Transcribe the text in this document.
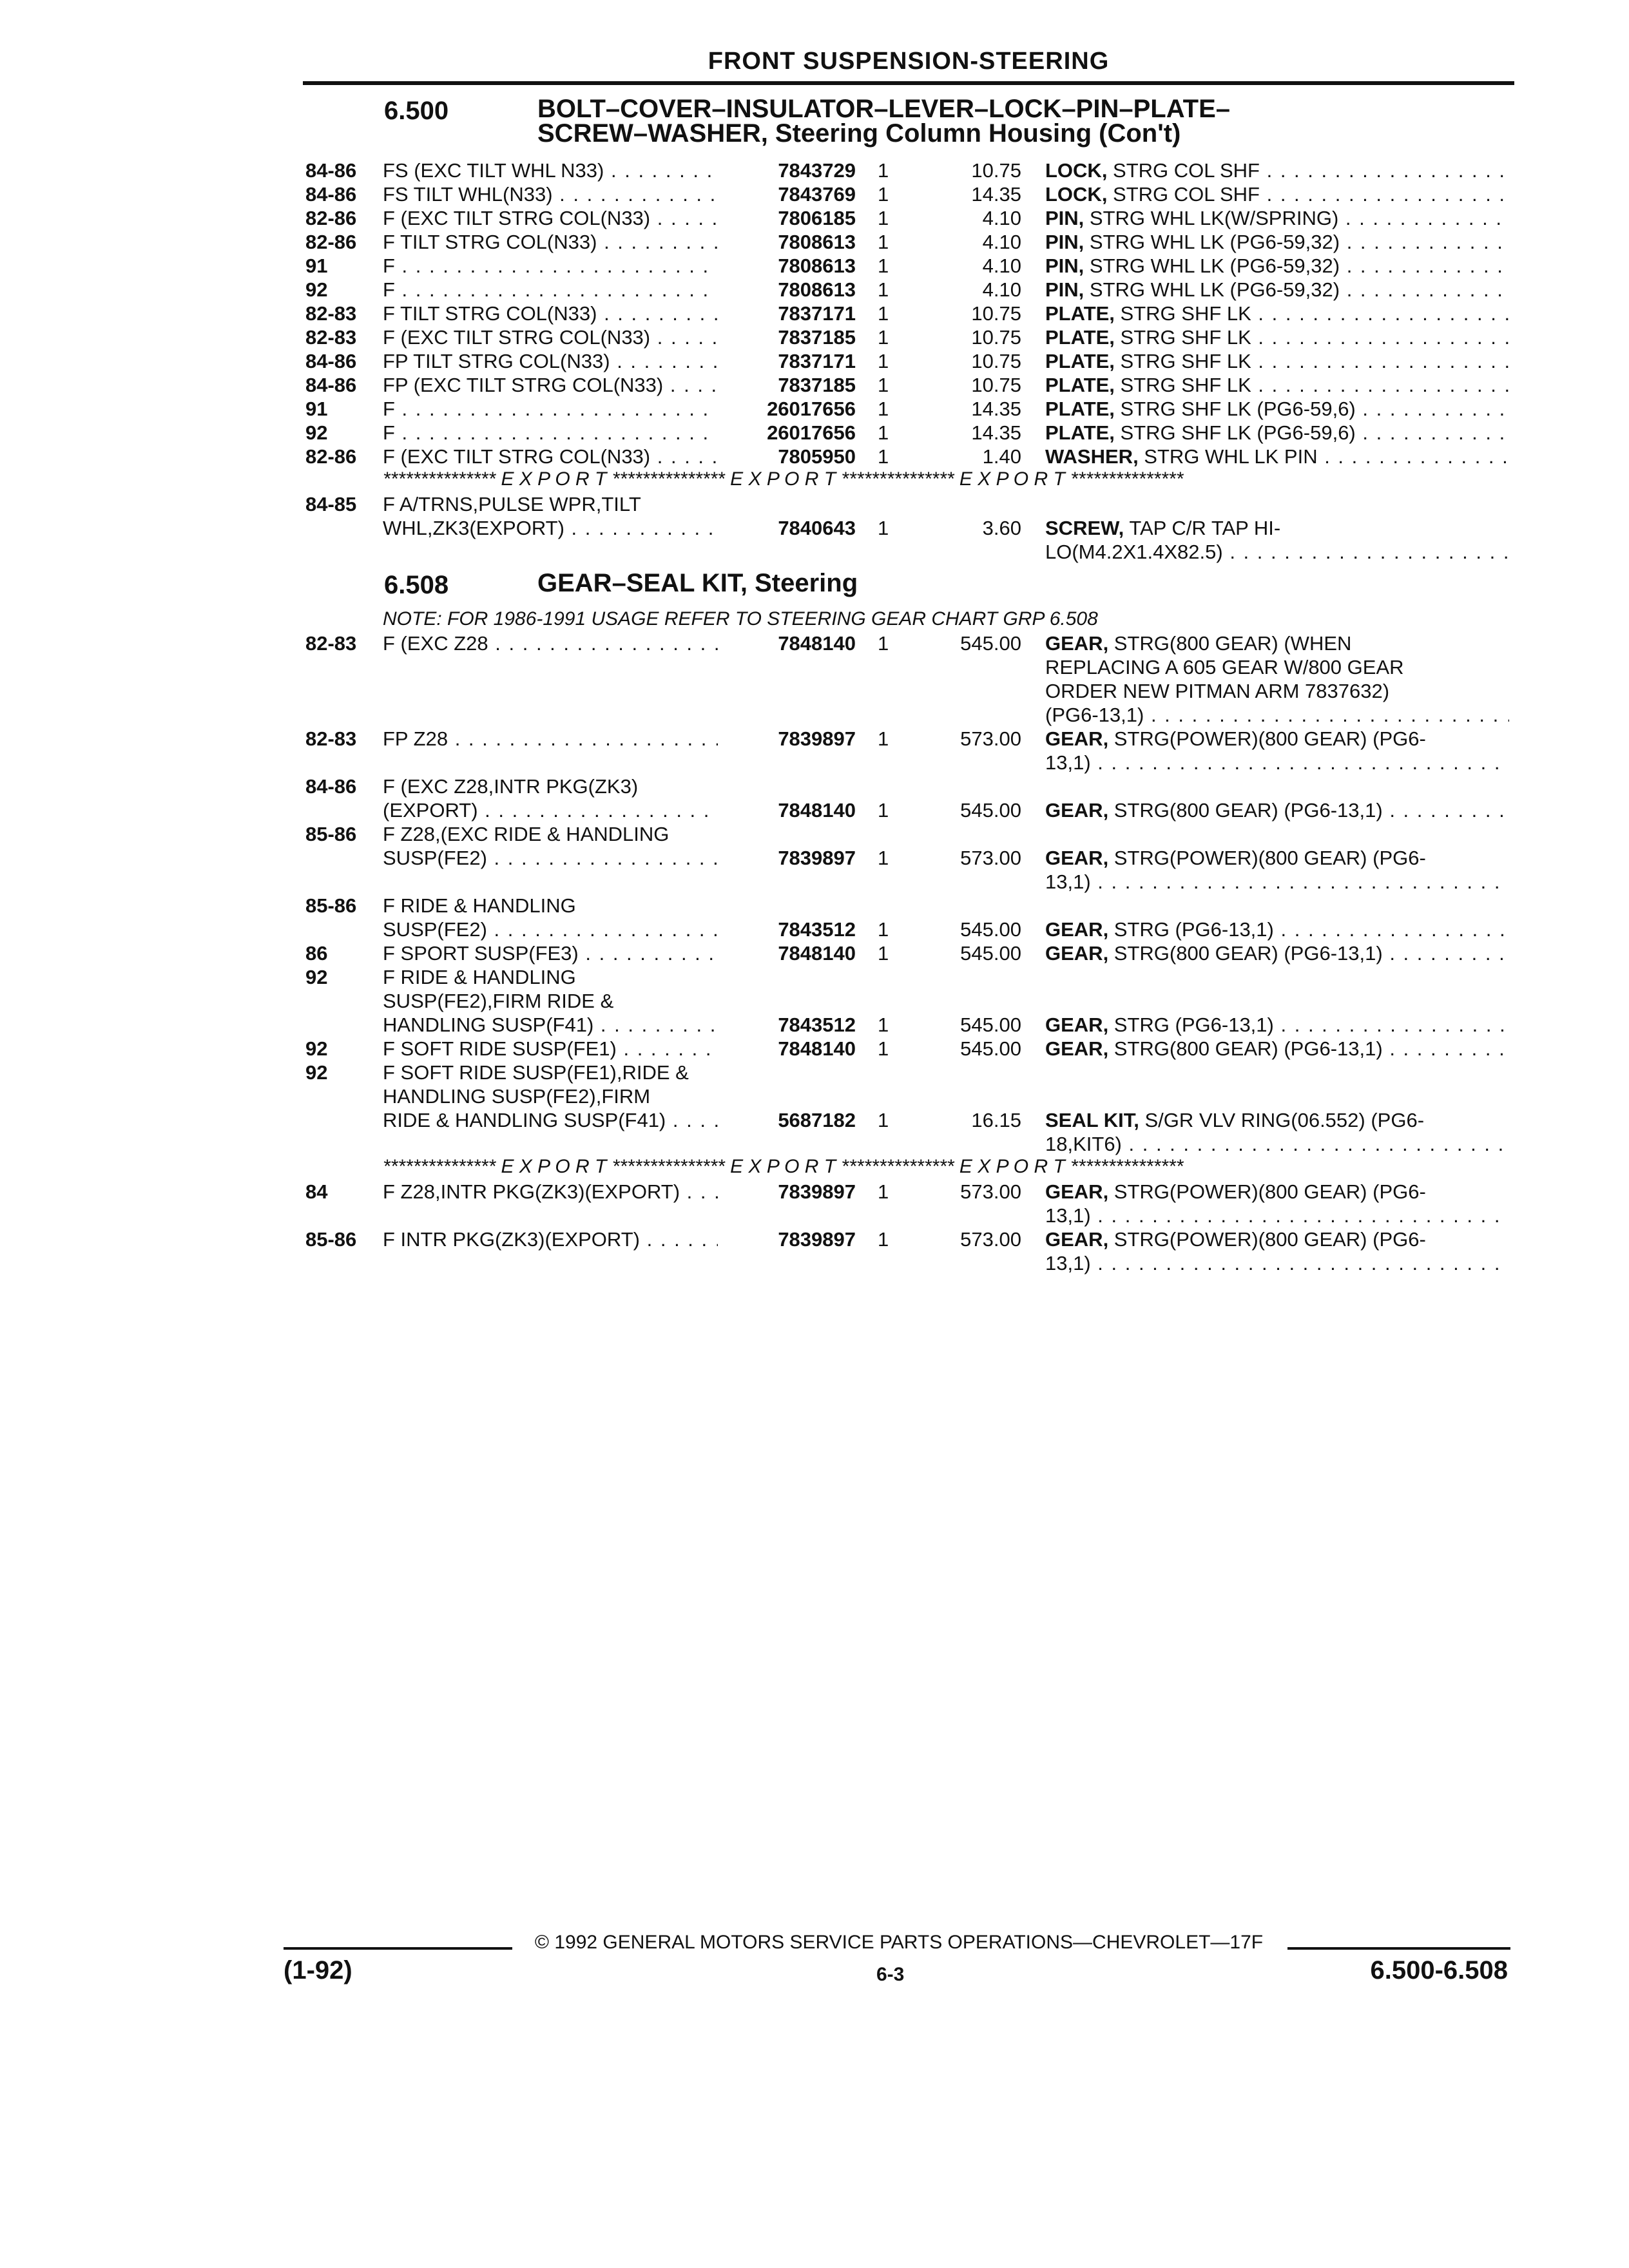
FRONT SUSPENSION-STEERING
6.500	BOLT–COVER–INSULATOR–LEVER–LOCK–PIN–PLATE–
SCREW–WASHER, Steering Column Housing (Con't)
84-86	FS (EXC TILT WHL N33) . . .	7843729 1	10.75 LOCK, STRG COL SHF . . .
84-86	FS TILT WHL(N33) . . .	7843769 1	14.35 LOCK, STRG COL SHF . . .
82-86	F (EXC TILT STRG COL(N33) . . .	7806185 1	4.10 PIN, STRG WHL LK(W/SPRING) . . .
82-86	F TILT STRG COL(N33) . . .	7808613 1	4.10 PIN, STRG WHL LK (PG6-59,32) . . .
91	F . . .	7808613 1	4.10 PIN, STRG WHL LK (PG6-59,32) . . .
92	F . . .	7808613 1	4.10 PIN, STRG WHL LK (PG6-59,32) . . .
82-83	F TILT STRG COL(N33) . . .	7837171 1	10.75 PLATE, STRG SHF LK . . .
82-83	F (EXC TILT STRG COL(N33) . . .	7837185 1	10.75 PLATE, STRG SHF LK . . .
84-86	FP TILT STRG COL(N33) . . .	7837171 1	10.75 PLATE, STRG SHF LK . . .
84-86	FP (EXC TILT STRG COL(N33) . . .	7837185 1	10.75 PLATE, STRG SHF LK . . .
91	F . . .	26017656 1	14.35 PLATE, STRG SHF LK (PG6-59,6) . . .
92	F . . .	26017656 1	14.35 PLATE, STRG SHF LK (PG6-59,6) . . .
82-86	F (EXC TILT STRG COL(N33) . . .	7805950 1	1.40 WASHER, STRG WHL LK PIN . . .
*************** E X P O R T *************** E X P O R T *************** E X P O R T ***************
84-85	F A/TRNS,PULSE WPR,TILT
WHL,ZK3(EXPORT) . . .	7840643 1	3.60 SCREW, TAP C/R TAP HI-
LO(M4.2X1.4X82.5) . . .
6.508	GEAR–SEAL KIT, Steering
NOTE: FOR 1986-1991 USAGE REFER TO STEERING GEAR CHART GRP 6.508
82-83	F (EXC Z28 . . .	7848140 1	545.00 GEAR, STRG(800 GEAR) (WHEN
REPLACING A 605 GEAR W/800 GEAR
ORDER NEW PITMAN ARM 7837632)
(PG6-13,1) . . .
82-83	FP Z28 . . .	7839897 1	573.00 GEAR, STRG(POWER)(800 GEAR) (PG6-
13,1) . . .
84-86	F (EXC Z28,INTR PKG(ZK3)
(EXPORT) . . .	7848140 1	545.00 GEAR, STRG(800 GEAR) (PG6-13,1) . . .
85-86	F Z28,(EXC RIDE & HANDLING
SUSP(FE2) . . .	7839897 1	573.00 GEAR, STRG(POWER)(800 GEAR) (PG6-
13,1) . . .
85-86	F RIDE & HANDLING
SUSP(FE2) . . .	7843512 1	545.00 GEAR, STRG (PG6-13,1) . . .
86	F SPORT SUSP(FE3) . . .	7848140 1	545.00 GEAR, STRG(800 GEAR) (PG6-13,1) . . .
92	F RIDE & HANDLING
SUSP(FE2),FIRM RIDE &
HANDLING SUSP(F41) . . .	7843512 1	545.00 GEAR, STRG (PG6-13,1) . . .
92	F SOFT RIDE SUSP(FE1) . . .	7848140 1	545.00 GEAR, STRG(800 GEAR) (PG6-13,1) . . .
92	F SOFT RIDE SUSP(FE1),RIDE &
HANDLING SUSP(FE2),FIRM
RIDE & HANDLING SUSP(F41) . . .	5687182 1	16.15 SEAL KIT, S/GR VLV RING(06.552) (PG6-
18,KIT6) . . .
*************** E X P O R T *************** E X P O R T *************** E X P O R T ***************
84	F Z28,INTR PKG(ZK3)(EXPORT) . . .	7839897 1	573.00 GEAR, STRG(POWER)(800 GEAR) (PG6-
13,1) . . .
85-86	F INTR PKG(ZK3)(EXPORT) . . .	7839897 1	573.00 GEAR, STRG(POWER)(800 GEAR) (PG6-
13,1) . . .
© 1992 GENERAL MOTORS SERVICE PARTS OPERATIONS—CHEVROLET—17F
(1-92)	6-3	6.500-6.508
